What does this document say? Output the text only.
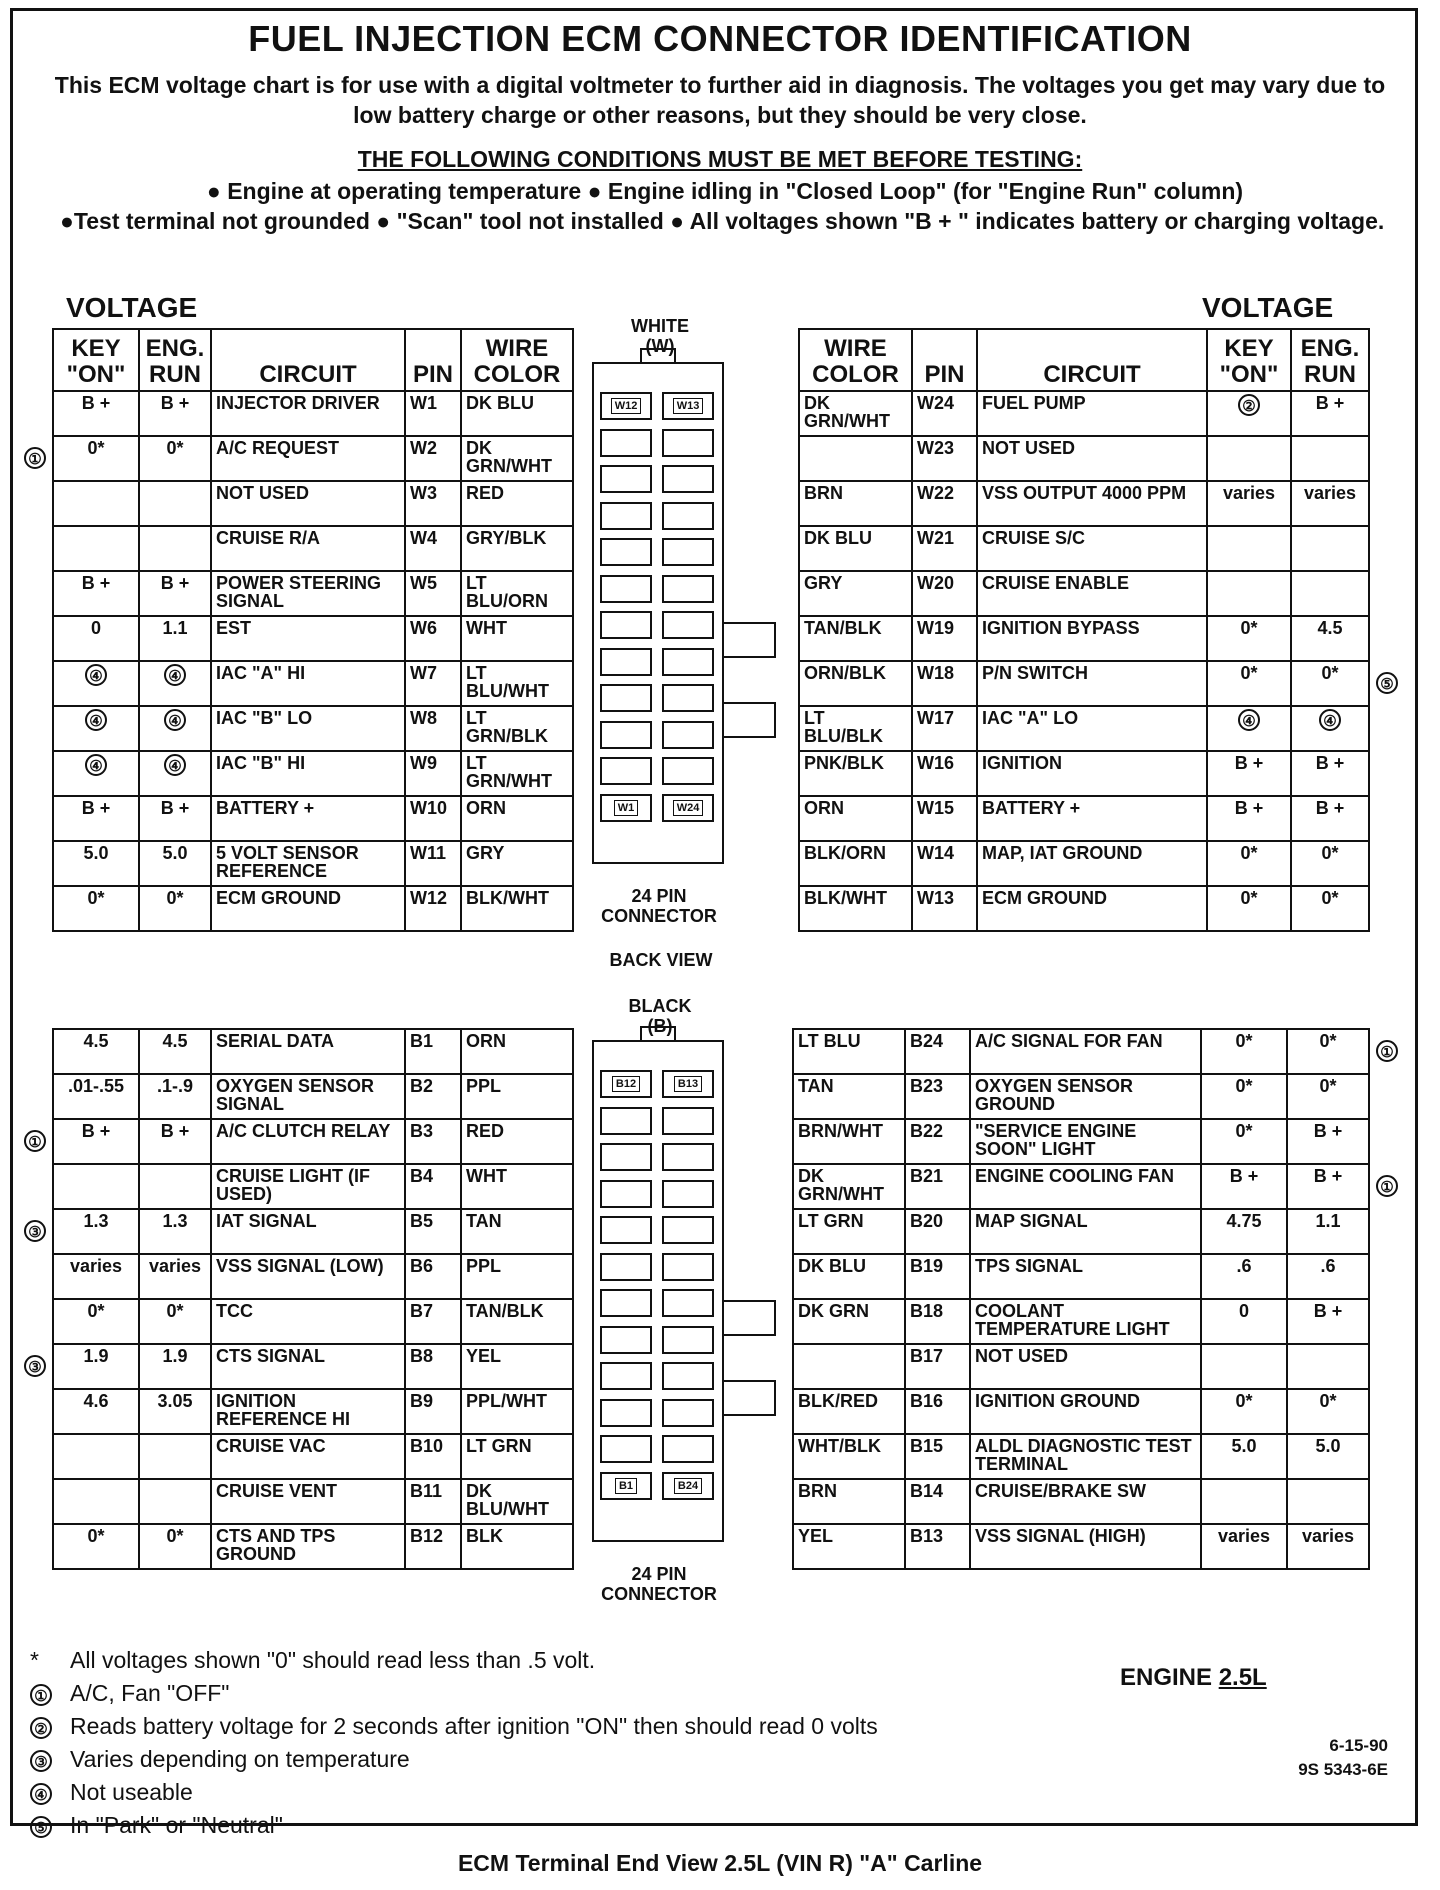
FUEL INJECTION ECM CONNECTOR IDENTIFICATION
This ECM voltage chart is for use with a digital voltmeter to further aid in diagnosis. The voltages you get may vary due to low battery charge or other reasons, but they should be very close.
THE FOLLOWING CONDITIONS MUST BE MET BEFORE TESTING:
● Engine at operating temperature ● Engine idling in "Closed Loop" (for "Engine Run" column)
●Test terminal not grounded ● "Scan" tool not installed ● All voltages shown "B + " indicates battery or charging voltage.
VOLTAGE	VOLTAGE
KEY "ON"	ENG. RUN	CIRCUIT	PIN	WIRE COLOR
B +	B +	INJECTOR DRIVER	W1	DK BLU
0*	0*	A/C REQUEST	W2	DK GRN/WHT
		NOT USED	W3	RED
		CRUISE R/A	W4	GRY/BLK
B +	B +	POWER STEERING SIGNAL	W5	LT BLU/ORN
0	1.1	EST	W6	WHT
④	④	IAC "A" HI	W7	LT BLU/WHT
④	④	IAC "B" LO	W8	LT GRN/BLK
④	④	IAC "B" HI	W9	LT GRN/WHT
B +	B +	BATTERY +	W10	ORN
5.0	5.0	5 VOLT SENSOR REFERENCE	W11	GRY
0*	0*	ECM GROUND	W12	BLK/WHT
WIRE COLOR	PIN	CIRCUIT	KEY "ON"	ENG. RUN
DK GRN/WHT	W24	FUEL PUMP	②	B +
	W23	NOT USED		
BRN	W22	VSS OUTPUT 4000 PPM	varies	varies
DK BLU	W21	CRUISE S/C		
GRY	W20	CRUISE ENABLE		
TAN/BLK	W19	IGNITION BYPASS	0*	4.5
ORN/BLK	W18	P/N SWITCH	0*	0*
LT BLU/BLK	W17	IAC "A" LO	④	④
PNK/BLK	W16	IGNITION	B +	B +
ORN	W15	BATTERY +	B +	B +
BLK/ORN	W14	MAP, IAT GROUND	0*	0*
BLK/WHT	W13	ECM GROUND	0*	0*
4.5	4.5	SERIAL DATA	B1	ORN
.01-.55	.1-.9	OXYGEN SENSOR SIGNAL	B2	PPL
B +	B +	A/C CLUTCH RELAY	B3	RED
		CRUISE LIGHT (IF USED)	B4	WHT
1.3	1.3	IAT SIGNAL	B5	TAN
varies	varies	VSS SIGNAL (LOW)	B6	PPL
0*	0*	TCC	B7	TAN/BLK
1.9	1.9	CTS SIGNAL	B8	YEL
4.6	3.05	IGNITION REFERENCE HI	B9	PPL/WHT
		CRUISE VAC	B10	LT GRN
		CRUISE VENT	B11	DK BLU/WHT
0*	0*	CTS AND TPS GROUND	B12	BLK
LT BLU	B24	A/C SIGNAL FOR FAN	0*	0*
TAN	B23	OXYGEN SENSOR GROUND	0*	0*
BRN/WHT	B22	"SERVICE ENGINE SOON" LIGHT	0*	B +
DK GRN/WHT	B21	ENGINE COOLING FAN	B +	B +
LT GRN	B20	MAP SIGNAL	4.75	1.1
DK BLU	B19	TPS SIGNAL	.6	.6
DK GRN	B18	COOLANT TEMPERATURE LIGHT	0	B +
	B17	NOT USED		
BLK/RED	B16	IGNITION GROUND	0*	0*
WHT/BLK	B15	ALDL DIAGNOSTIC TEST TERMINAL	5.0	5.0
BRN	B14	CRUISE/BRAKE SW		
YEL	B13	VSS SIGNAL (HIGH)	varies	varies
WHITE
(W)
W12	W13
W1	W24
24 PIN
CONNECTOR
BACK VIEW
BLACK
(B)
B12	B13
B1	B24
24 PIN
CONNECTOR
*	All voltages shown "0" should read less than .5 volt.
① A/C, Fan "OFF"
② Reads battery voltage for 2 seconds after ignition "ON" then should read 0 volts
③ Varies depending on temperature
④ Not useable
⑤ In "Park" or "Neutral"
ENGINE 2.5L
6-15-90
9S 5343-6E
ECM Terminal End View 2.5L (VIN R) "A" Carline
①
⑤
①
③
③
①
①
